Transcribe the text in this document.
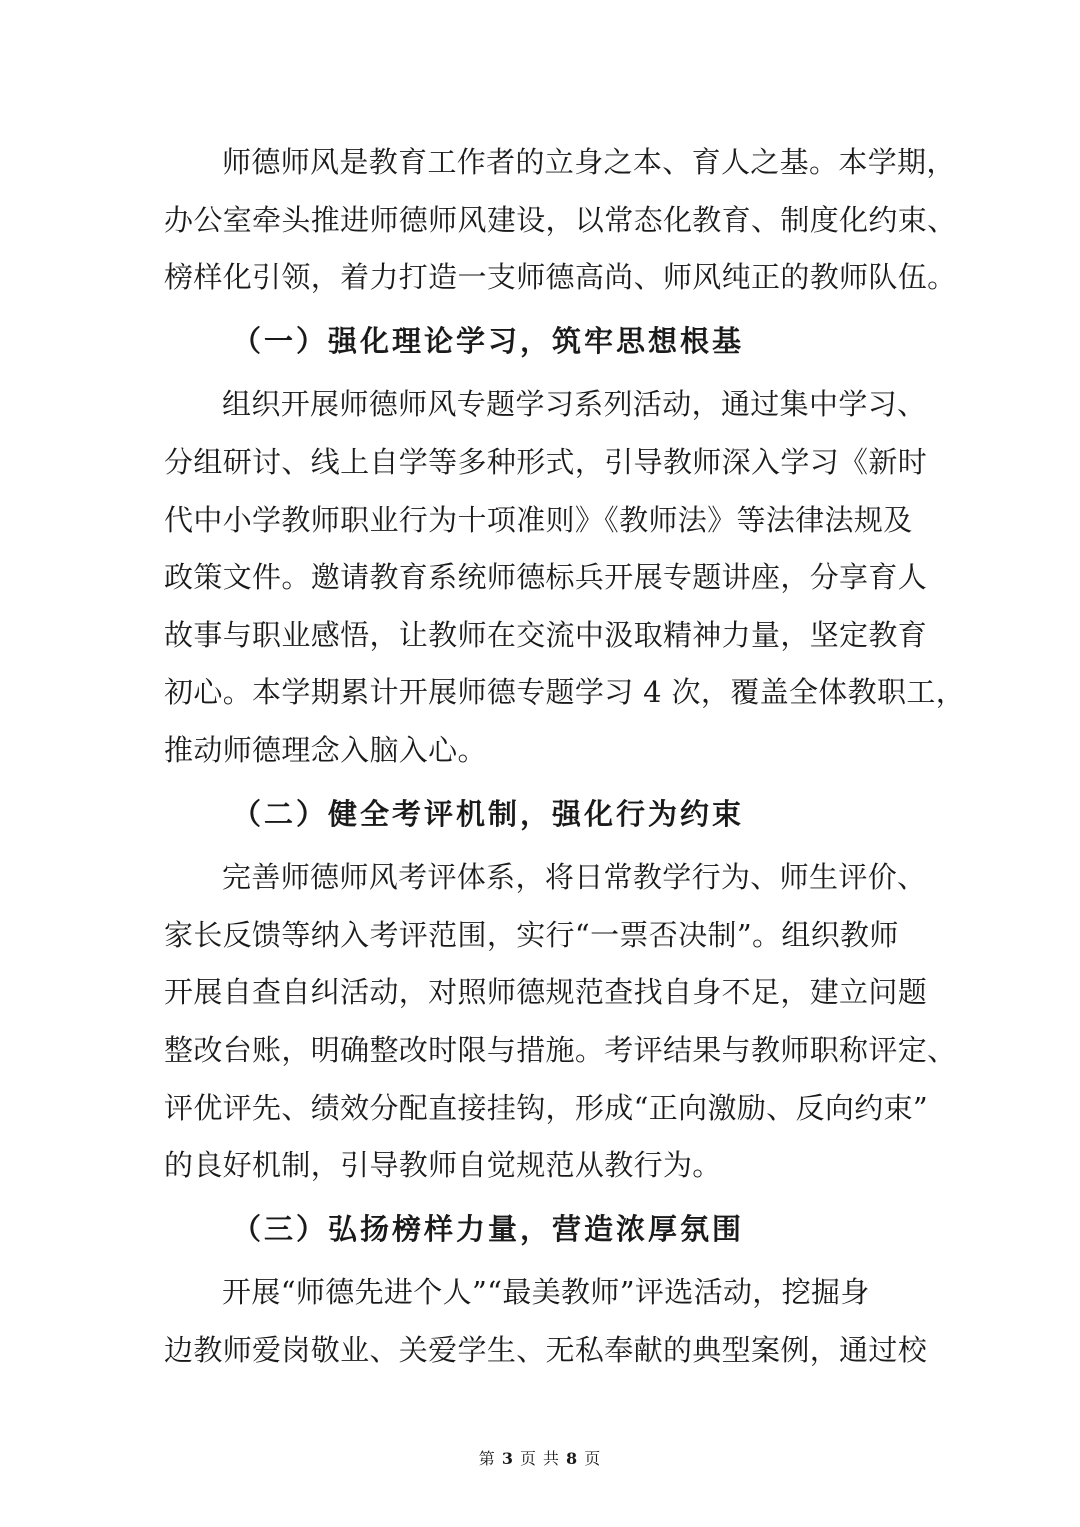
师德师风是教育工作者的立身之本、育人之基。本学期，
办公室牵头推进师德师风建设，以常态化教育、制度化约束、
榜样化引领，着力打造一支师德高尚、师风纯正的教师队伍。
（一）强化理论学习，筑牢思想根基
组织开展师德师风专题学习系列活动，通过集中学习、
分组研讨、线上自学等多种形式，引导教师深入学习《新时
代中小学教师职业行为十项准则》《教师法》等法律法规及
政策文件。邀请教育系统师德标兵开展专题讲座，分享育人
故事与职业感悟，让教师在交流中汲取精神力量，坚定教育
初心。本学期累计开展师德专题学习 4 次，覆盖全体教职工，
推动师德理念入脑入心。
（二）健全考评机制，强化行为约束
完善师德师风考评体系，将日常教学行为、师生评价、
家长反馈等纳入考评范围，实行“一票否决制”。组织教师
开展自查自纠活动，对照师德规范查找自身不足，建立问题
整改台账，明确整改时限与措施。考评结果与教师职称评定、
评优评先、绩效分配直接挂钩，形成“正向激励、反向约束”
的良好机制，引导教师自觉规范从教行为。
（三）弘扬榜样力量，营造浓厚氛围
开展“师德先进个人”“最美教师”评选活动，挖掘身
边教师爱岗敬业、关爱学生、无私奉献的典型案例，通过校
第 3 页 共 8 页
